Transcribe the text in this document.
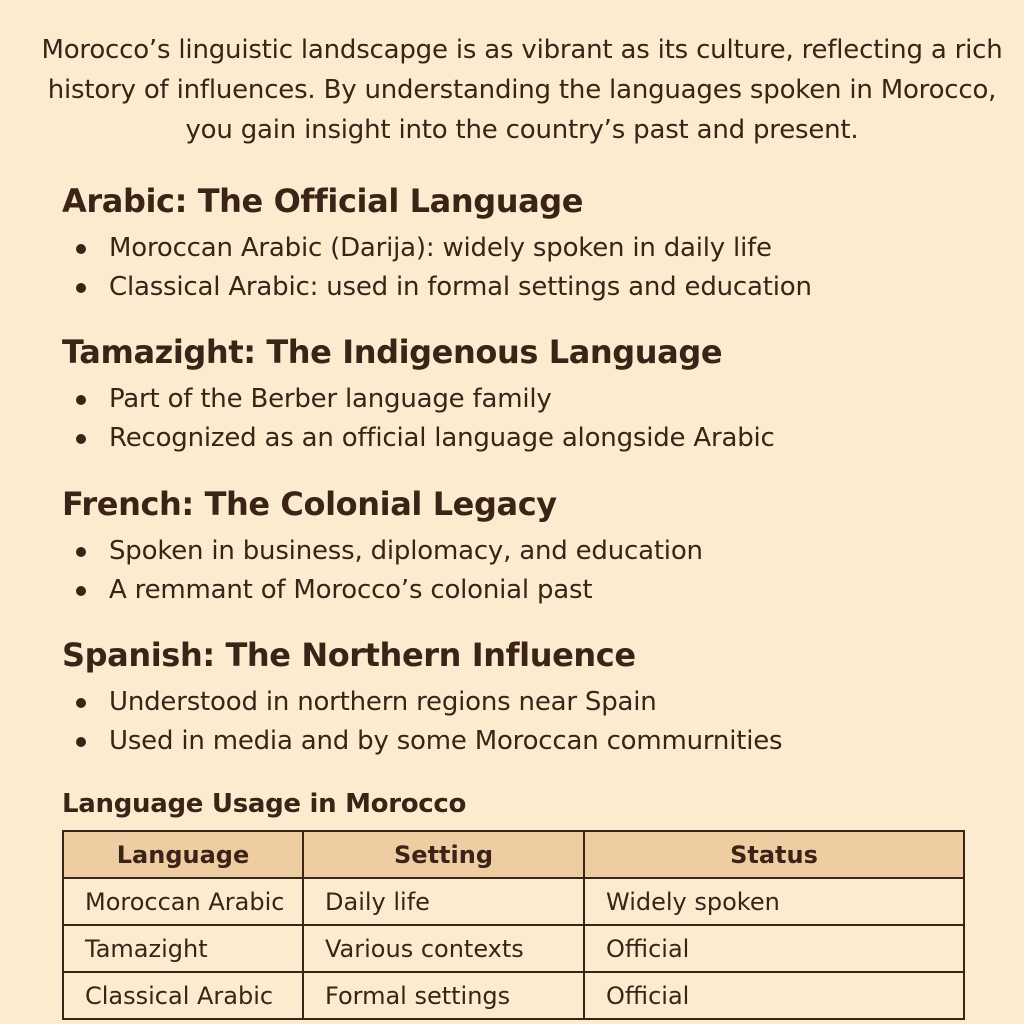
Morocco’s linguistic landscapge is as vibrant as its culture, reflecting a rich history of influences. By understanding the languages spoken in Morocco, you gain insight into the country’s past and present.

Arabic: The Official Language
Moroccan Arabic (Darija): widely spoken in daily life
Classical Arabic: used in formal settings and education
Tamazight: The Indigenous Language
Part of the Berber language family
Recognized as an official language alongside Arabic
French: The Colonial Legacy
Spoken in business, diplomacy, and education
A remmant of Morocco’s colonial past
Spanish: The Northern Influence
Understood in northern regions near Spain
Used in media and by some Moroccan commurnities
Language Usage in Morocco
Language	Setting	Status
Moroccan Arabic	Daily life	Widely spoken
Tamazight	Various contexts	Official
Classical Arabic	Formal settings	Official
